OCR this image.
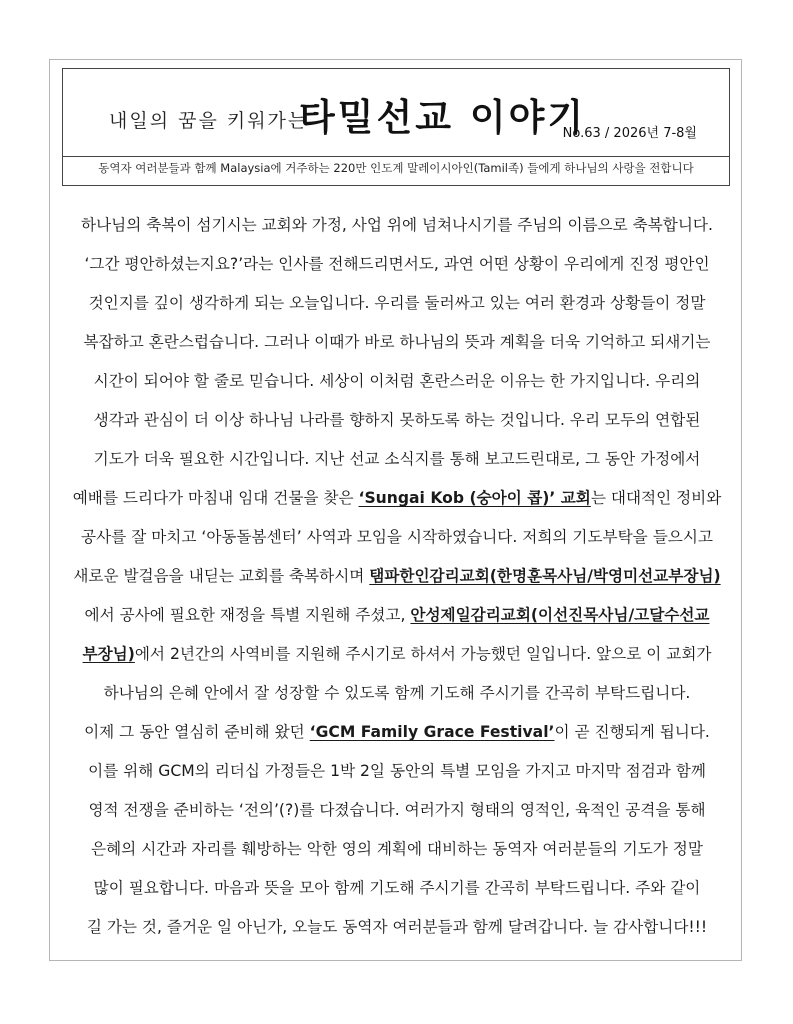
내일의 꿈을 키워가는
타밀선교 이야기
No.63 / 2026년 7-8월
동역자 여러분들과 함께 Malaysia에 거주하는 220만 인도계 말레이시아인(Tamil족) 들에게 하나님의 사랑을 전합니다
하나님의 축복이 섬기시는 교회와 가정, 사업 위에 넘쳐나시기를 주님의 이름으로 축복합니다.
‘그간 평안하셨는지요?’라는 인사를 전해드리면서도, 과연 어떤 상황이 우리에게 진정 평안인
것인지를 깊이 생각하게 되는 오늘입니다. 우리를 둘러싸고 있는 여러 환경과 상황들이 정말
복잡하고 혼란스럽습니다. 그러나 이때가 바로 하나님의 뜻과 계획을 더욱 기억하고 되새기는
시간이 되어야 할 줄로 믿습니다. 세상이 이처럼 혼란스러운 이유는 한 가지입니다. 우리의
생각과 관심이 더 이상 하나님 나라를 향하지 못하도록 하는 것입니다. 우리 모두의 연합된
기도가 더욱 필요한 시간입니다. 지난 선교 소식지를 통해 보고드린대로, 그 동안 가정에서
예배를 드리다가 마침내 임대 건물을 찾은 ‘Sungai Kob (숭아이 콥)’ 교회는 대대적인 정비와
공사를 잘 마치고 ‘아동돌봄센터’ 사역과 모임을 시작하였습니다. 저희의 기도부탁을 들으시고
새로운 발걸음을 내딛는 교회를 축복하시며 탬파한인감리교회(한명훈목사님/박영미선교부장님)
에서 공사에 필요한 재정을 특별 지원해 주셨고, 안성제일감리교회(이선진목사님/고달수선교
부장님)에서 2년간의 사역비를 지원해 주시기로 하셔서 가능했던 일입니다. 앞으로 이 교회가
하나님의 은혜 안에서 잘 성장할 수 있도록 함께 기도해 주시기를 간곡히 부탁드립니다.
이제 그 동안 열심히 준비해 왔던 ‘GCM Family Grace Festival’이 곧 진행되게 됩니다.
이를 위해 GCM의 리더십 가정들은 1박 2일 동안의 특별 모임을 가지고 마지막 점검과 함께
영적 전쟁을 준비하는 ‘전의’(?)를 다졌습니다. 여러가지 형태의 영적인, 육적인 공격을 통해
은혜의 시간과 자리를 훼방하는 악한 영의 계획에 대비하는 동역자 여러분들의 기도가 정말
많이 필요합니다. 마음과 뜻을 모아 함께 기도해 주시기를 간곡히 부탁드립니다. 주와 같이
길 가는 것, 즐거운 일 아닌가, 오늘도 동역자 여러분들과 함께 달려갑니다. 늘 감사합니다!!!
